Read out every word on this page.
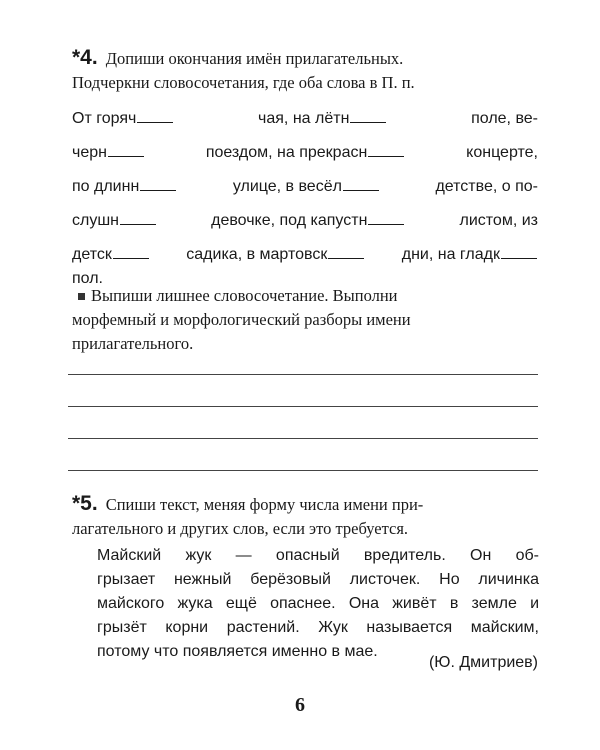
*4. Допиши окончания имён прилагательных.
Подчеркни словосочетания, где оба слова в П. п.
От горяч	чая, на лётн	поле, ве-
черн	поездом, на прекрасн	концерте,
по длинн	улице, в весёл	детстве, о по-
слушн	девочке, под капустн	листом, из
детск	садика, в мартовск	дни, на гладк
пол.
Выпиши лишнее словосочетание. Выполни
морфемный и морфологический разборы имени
прилагательного.
*5. Спиши текст, меняя форму числа имени при-
лагательного и других слов, если это требуется.
Майский жук — опасный вредитель. Он об-
грызает нежный берёзовый листочек. Но личинка
майского жука ещё опаснее. Она живёт в земле и
грызёт корни растений. Жук называется майским,
потому что появляется именно в мае.
(Ю. Дмитриев)
6
